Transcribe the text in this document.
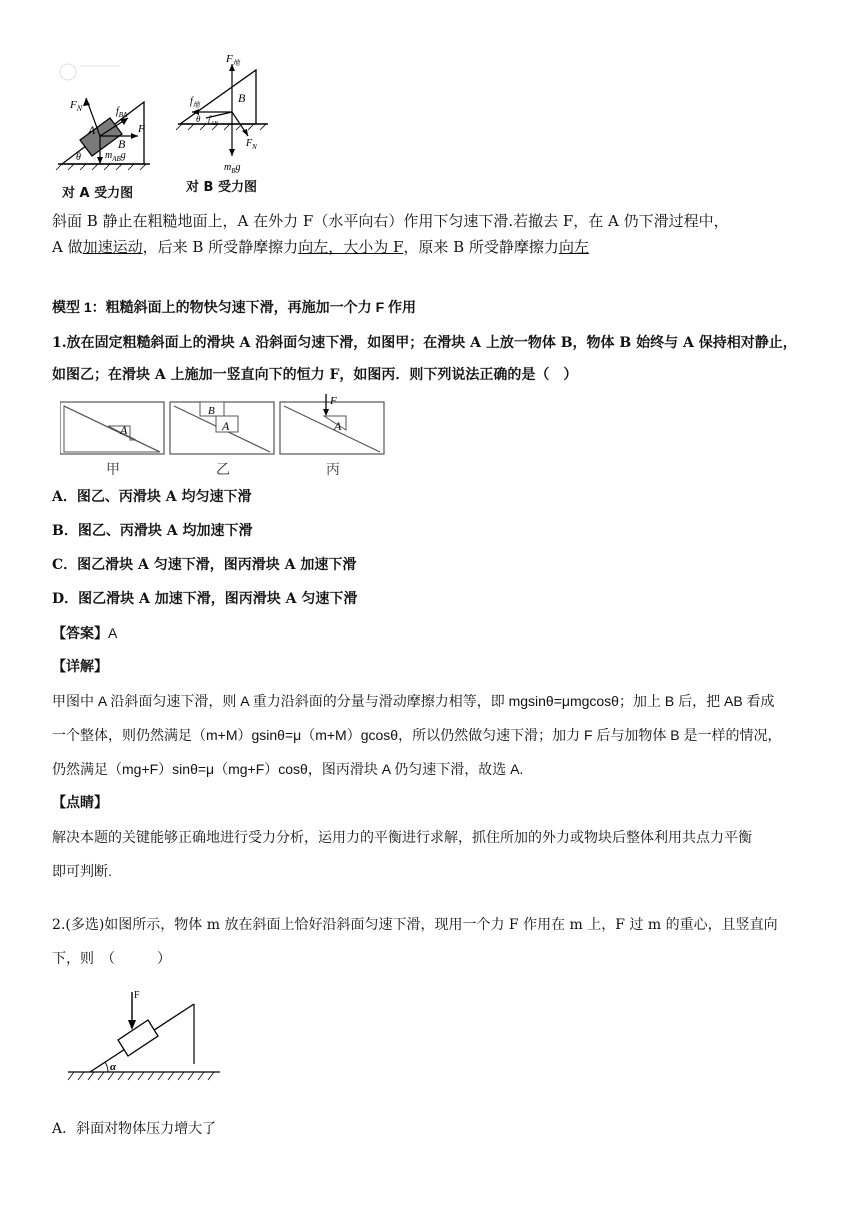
$F_N$	$f_{BA}$
A	F
B
θ $m_{AB}g$
对 A 受力图
$F_地$
$f_地$	B
θ $f_{AB}$
$F_N$
$m_Bg$
对 B 受力图
斜面 B 静止在粗糙地面上，A 在外力 F（水平向右）作用下匀速下滑.若撤去 F，在 A 仍下滑过程中，
A 做加速运动，后来 B 所受静摩擦力向左，大小为 F，原来 B 所受静摩擦力向左
模型 1：粗糙斜面上的物快匀速下滑，再施加一个力 F 作用
1.放在固定粗糙斜面上的滑块 A 沿斜面匀速下滑，如图甲；在滑块 A 上放一物体 B，物体 B 始终与 A 保持相对静止，
如图乙；在滑块 A 上施加一竖直向下的恒力 F，如图丙．则下列说法正确的是（　）
A
甲
B
A
乙
F
A
丙
A．图乙、丙滑块 A 均匀速下滑
B．图乙、丙滑块 A 均加速下滑
C．图乙滑块 A 匀速下滑，图丙滑块 A 加速下滑
D．图乙滑块 A 加速下滑，图丙滑块 A 匀速下滑
【答案】A
【详解】
甲图中 A 沿斜面匀速下滑，则 A 重力沿斜面的分量与滑动摩擦力相等，即 mgsinθ=μmgcosθ；加上 B 后，把 AB 看成
一个整体，则仍然满足（m+M）gsinθ=μ（m+M）gcosθ，所以仍然做匀速下滑；加力 F 后与加物体 B 是一样的情况，
仍然满足（mg+F）sinθ=μ（mg+F）cosθ，图丙滑块 A 仍匀速下滑，故选 A.
【点睛】
解决本题的关键能够正确地进行受力分析，运用力的平衡进行求解，抓住所加的外力或物块后整体利用共点力平衡
即可判断.
2.(多选)如图所示，物体 m 放在斜面上恰好沿斜面匀速下滑，现用一个力 F 作用在 m 上，F 过 m 的重心，且竖直向
下，则　（　　　）
F
α
A．斜面对物体压力增大了
